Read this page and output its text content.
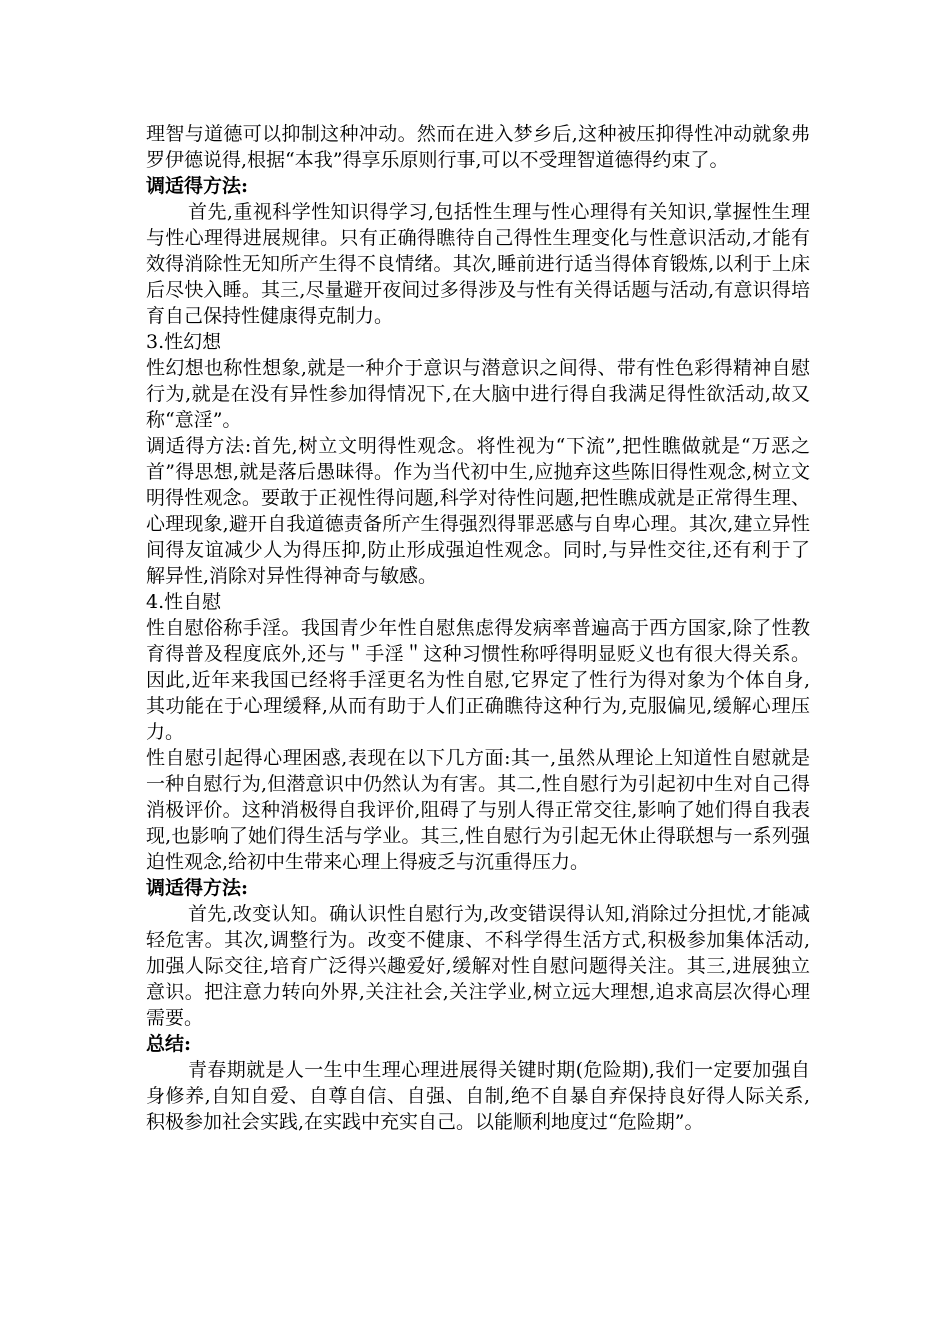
理智与道德可以抑制这种冲动。然而在进入梦乡后,这种被压抑得性冲动就象弗罗伊德说得,根据“本我”得享乐原则行事,可以不受理智道德得约束了。

调适得方法:

首先,重视科学性知识得学习,包括性生理与性心理得有关知识,掌握性生理与性心理得进展规律。只有正确得瞧待自己得性生理变化与性意识活动,才能有效得消除性无知所产生得不良情绪。其次,睡前进行适当得体育锻炼,以利于上床后尽快入睡。其三,尽量避开夜间过多得涉及与性有关得话题与活动,有意识得培育自己保持性健康得克制力。

3.性幻想

性幻想也称性想象,就是一种介于意识与潜意识之间得、带有性色彩得精神自慰行为,就是在没有异性参加得情况下,在大脑中进行得自我满足得性欲活动,故又称“意淫”。

调适得方法:首先,树立文明得性观念。将性视为“下流”,把性瞧做就是“万恶之首”得思想,就是落后愚昧得。作为当代初中生,应抛弃这些陈旧得性观念,树立文明得性观念。要敢于正视性得问题,科学对待性问题,把性瞧成就是正常得生理、心理现象,避开自我道德责备所产生得强烈得罪恶感与自卑心理。其次,建立异性间得友谊减少人为得压抑,防止形成强迫性观念。同时,与异性交往,还有利于了解异性,消除对异性得神奇与敏感。

4.性自慰

性自慰俗称手淫。我国青少年性自慰焦虑得发病率普遍高于西方国家,除了性教育得普及程度底外,还与＂手淫＂这种习惯性称呼得明显贬义也有很大得关系。因此,近年来我国已经将手淫更名为性自慰,它界定了性行为得对象为个体自身,其功能在于心理缓释,从而有助于人们正确瞧待这种行为,克服偏见,缓解心理压力。

性自慰引起得心理困惑,表现在以下几方面:其一,虽然从理论上知道性自慰就是一种自慰行为,但潜意识中仍然认为有害。其二,性自慰行为引起初中生对自己得消极评价。这种消极得自我评价,阻碍了与别人得正常交往,影响了她们得自我表现,也影响了她们得生活与学业。其三,性自慰行为引起无休止得联想与一系列强迫性观念,给初中生带来心理上得疲乏与沉重得压力。

调适得方法:

首先,改变认知。确认识性自慰行为,改变错误得认知,消除过分担忧,才能减轻危害。其次,调整行为。改变不健康、不科学得生活方式,积极参加集体活动,加强人际交往,培育广泛得兴趣爱好,缓解对性自慰问题得关注。其三,进展独立意识。把注意力转向外界,关注社会,关注学业,树立远大理想,追求高层次得心理需要。

总结:

青春期就是人一生中生理心理进展得关键时期(危险期),我们一定要加强自身修养,自知自爱、自尊自信、自强、自制,绝不自暴自弃保持良好得人际关系,积极参加社会实践,在实践中充实自己。以能顺利地度过“危险期”。
